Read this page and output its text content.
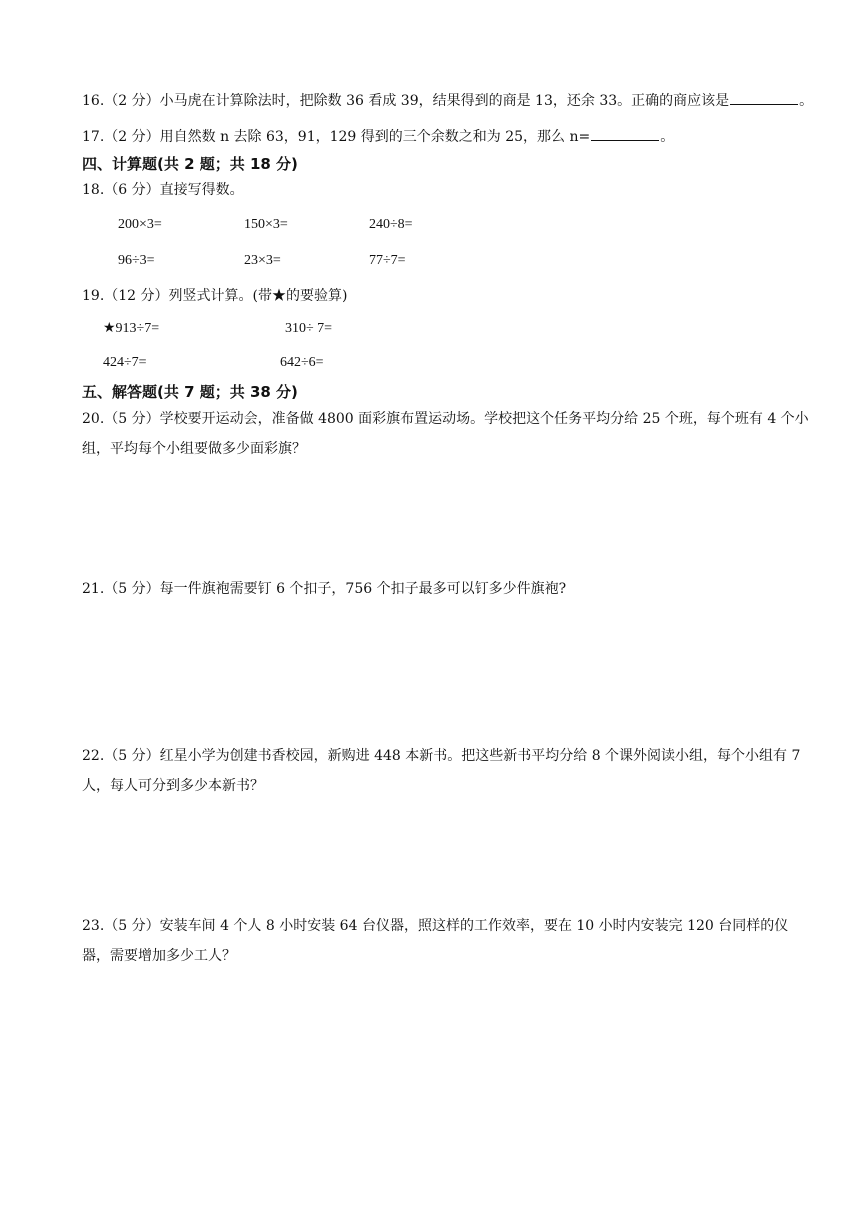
16.（2 分）小马虎在计算除法时，把除数 36 看成 39，结果得到的商是 13，还余 33。正确的商应该是	。
17.（2 分）用自然数 n 去除 63，91，129 得到的三个余数之和为 25，那么 n=	。
四、计算题(共 2 题；共 18 分)
18.（6 分）直接写得数。
200×3=	150×3=	240÷8=
96÷3=	23×3=	77÷7=
19.（12 分）列竖式计算。(带★的要验算)
★913÷7=	310÷ 7=
424÷7=	642÷6=
五、解答题(共 7 题；共 38 分)
20.（5 分）学校要开运动会，准备做 4800 面彩旗布置运动场。学校把这个任务平均分给 25 个班，每个班有 4 个小组，平均每个小组要做多少面彩旗？
21.（5 分）每一件旗袍需要钉 6 个扣子，756 个扣子最多可以钉多少件旗袍?
22.（5 分）红星小学为创建书香校园，新购进 448 本新书。把这些新书平均分给 8 个课外阅读小组，每个小组有 7 人，每人可分到多少本新书？
23.（5 分）安装车间 4 个人 8 小时安装 64 台仪器，照这样的工作效率，要在 10 小时内安装完 120 台同样的仪器，需要增加多少工人？
